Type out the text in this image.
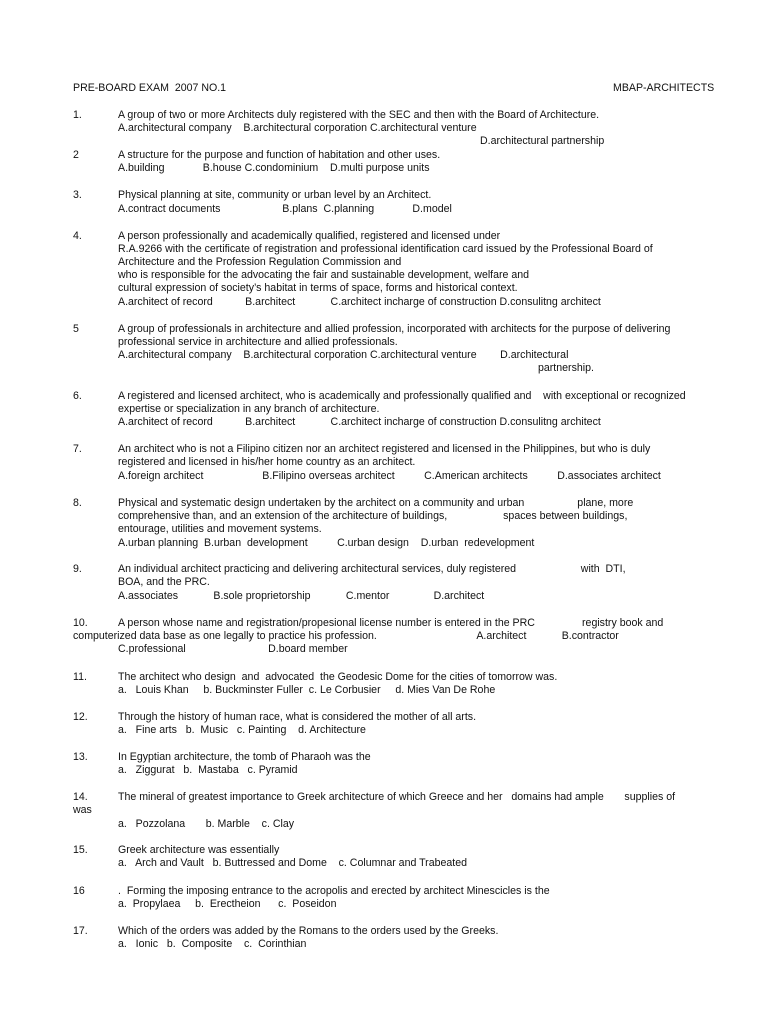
PRE-BOARD EXAM  2007 NO.1	MBAP-ARCHITECTS
1.	A group of two or more Architects duly registered with the SEC and then with the Board of Architecture.
A.architectural company    B.architectural corporation C.architectural venture
D.architectural partnership
2	A structure for the purpose and function of habitation and other uses.
A.building             B.house C.condominium    D.multi purpose units
3.	Physical planning at site, community or urban level by an Architect.
A.contract documents                     B.plans  C.planning             D.model
4.	A person professionally and academically qualified, registered and licensed under
R.A.9266 with the certificate of registration and professional identification card issued by the Professional Board of
Architecture and the Profession Regulation Commission and
who is responsible for the advocating the fair and sustainable development, welfare and
cultural expression of society’s habitat in terms of space, forms and historical context.
A.architect of record           B.architect            C.architect incharge of construction D.consulitng architect
5	A group of professionals in architecture and allied profession, incorporated with architects for the purpose of delivering
professional service in architecture and allied professionals.
A.architectural company    B.architectural corporation C.architectural venture        D.architectural
partnership.
6.	A registered and licensed architect, who is academically and professionally qualified and    with exceptional or recognized
expertise or specialization in any branch of architecture.
A.architect of record           B.architect            C.architect incharge of construction D.consulitng architect
7.	An architect who is not a Filipino citizen nor an architect registered and licensed in the Philippines, but who is duly
registered and licensed in his/her home country as an architect.
A.foreign architect                    B.Filipino overseas architect          C.American architects          D.associates architect
8.	Physical and systematic design undertaken by the architect on a community and urban                  plane, more
comprehensive than, and an extension of the architecture of buildings,                   spaces between buildings,
entourage, utilities and movement systems.
A.urban planning  B.urban  development          C.urban design    D.urban  redevelopment
9.	An individual architect practicing and delivering architectural services, duly registered                      with  DTI,
BOA, and the PRC.
A.associates            B.sole proprietorship            C.mentor               D.architect
10.	A person whose name and registration/propesional license number is entered in the PRC                registry book and
computerized data base as one legally to practice his profession.                                  A.architect            B.contractor
C.professional                            D.board member
11.	The architect who design  and  advocated  the Geodesic Dome for the cities of tomorrow was.
a.   Louis Khan     b. Buckminster Fuller  c. Le Corbusier     d. Mies Van De Rohe
12.	Through the history of human race, what is considered the mother of all arts.
a.   Fine arts   b.  Music   c. Painting    d. Architecture
13.	In Egyptian architecture, the tomb of Pharaoh was the
a.   Ziggurat   b.  Mastaba   c. Pyramid
14.	The mineral of greatest importance to Greek architecture of which Greece and her   domains had ample       supplies of
was
a.   Pozzolana       b. Marble    c. Clay
15.	Greek architecture was essentially
a.   Arch and Vault   b. Buttressed and Dome    c. Columnar and Trabeated
16	.  Forming the imposing entrance to the acropolis and erected by architect Minescicles is the
a.  Propylaea     b.  Erectheion      c.  Poseidon
17.	Which of the orders was added by the Romans to the orders used by the Greeks.
a.   Ionic   b.  Composite    c.  Corinthian
